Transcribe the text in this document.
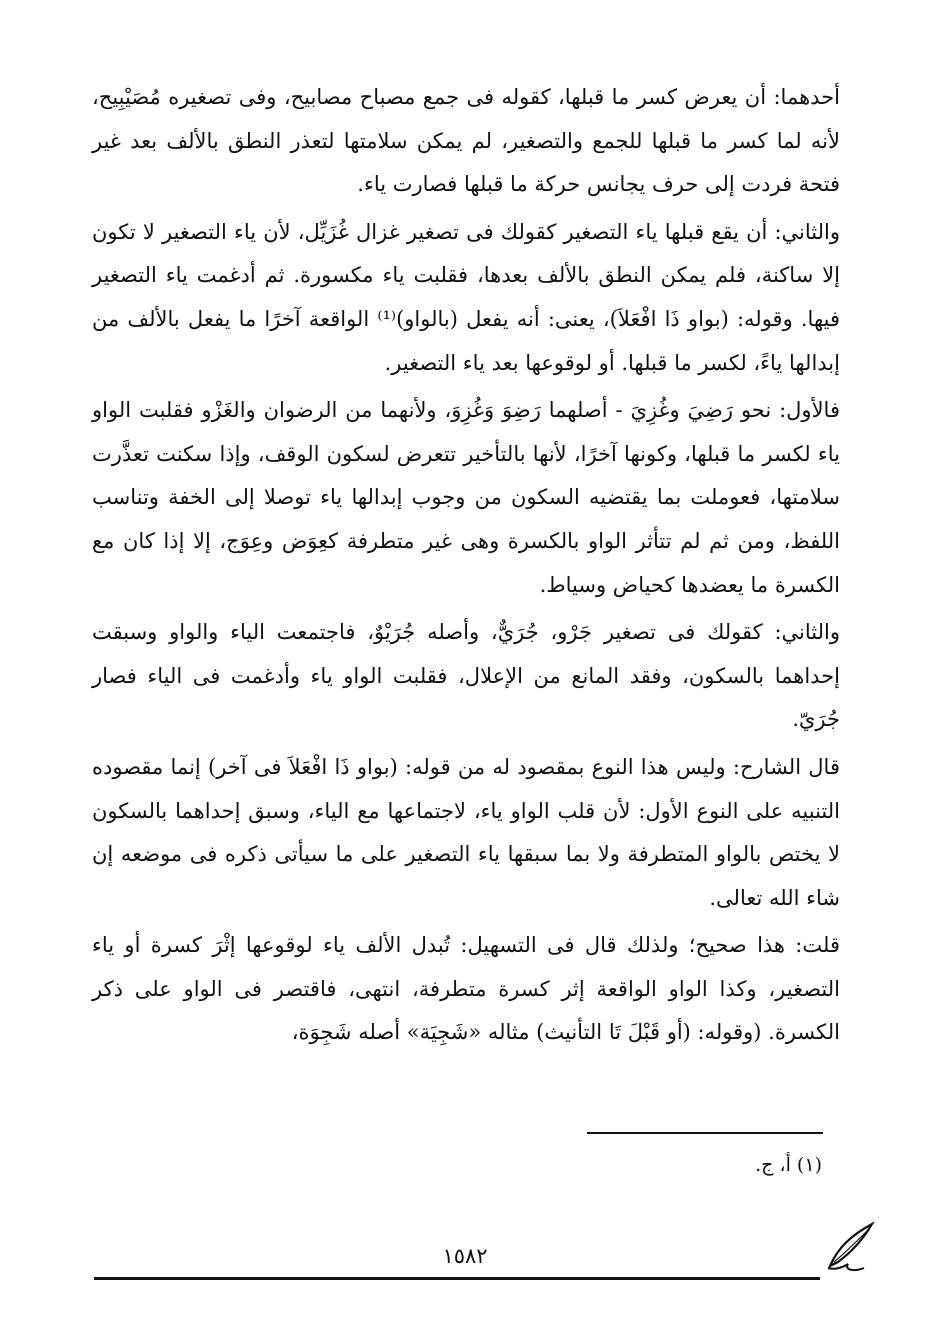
أحدهما: أن يعرض كسر ما قبلها، كقوله فى جمع مصباح مصابيح، وفى تصغيره مُصَيْبِيح، لأنه لما كسر ما قبلها للجمع والتصغير، لم يمكن سلامتها لتعذر النطق بالألف بعد غير فتحة فردت إلى حرف يجانس حركة ما قبلها فصارت ياء.

والثاني: أن يقع قبلها ياء التصغير كقولك فى تصغير غزال غُزَيِّل، لأن ياء التصغير لا تكون إلا ساكنة، فلم يمكن النطق بالألف بعدها، فقلبت ياء مكسورة. ثم أدغمت ياء التصغير فيها. وقوله: (بواو ذَا افْعَلاَ)، يعنى: أنه يفعل (بالواو)⁽¹⁾ الواقعة آخرًا ما يفعل بالألف من إبدالها ياءً، لكسر ما قبلها. أو لوقوعها بعد ياء التصغير.

فالأول: نحو رَضِيَ وغُزِيَ - أصلهما رَضِوَ وَغُزِوَ، ولأنهما من الرضوان والغَزْو فقلبت الواو ياء لكسر ما قبلها، وكونها آخرًا، لأنها بالتأخير تتعرض لسكون الوقف، وإذا سكنت تعذَّرت سلامتها، فعوملت بما يقتضيه السكون من وجوب إبدالها ياء توصلا إلى الخفة وتناسب اللفظ، ومن ثم لم تتأثر الواو بالكسرة وهى غير متطرفة كعِوَض وعِوَج، إلا إذا كان مع الكسرة ما يعضدها كحياض وسياط.

والثاني: كقولك فى تصغير جَرْو، جُرَيٌّ، وأصله جُرَيْوٌ، فاجتمعت الياء والواو وسبقت إحداهما بالسكون، وفقد المانع من الإعلال، فقلبت الواو ياء وأدغمت فى الياء فصار جُرَيّ.

قال الشارح: وليس هذا النوع بمقصود له من قوله: (بواو ذَا افْعَلاَ فى آخر) إنما مقصوده التنبيه على النوع الأول: لأن قلب الواو ياء، لاجتماعها مع الياء، وسبق إحداهما بالسكون لا يختص بالواو المتطرفة ولا بما سبقها ياء التصغير على ما سيأتى ذكره فى موضعه إن شاء الله تعالى.

قلت: هذا صحيح؛ ولذلك قال فى التسهيل: تُبدل الألف ياء لوقوعها إثْرَ كسرة أو ياء التصغير، وكذا الواو الواقعة إثر كسرة متطرفة، انتهى، فاقتصر فى الواو على ذكر الكسرة. (وقوله: (أو قَبْلَ تَا التأنيث) مثاله «شَجِيَة» أصله شَجِوَة،

(١) أ، ج.
١٥٨٢
